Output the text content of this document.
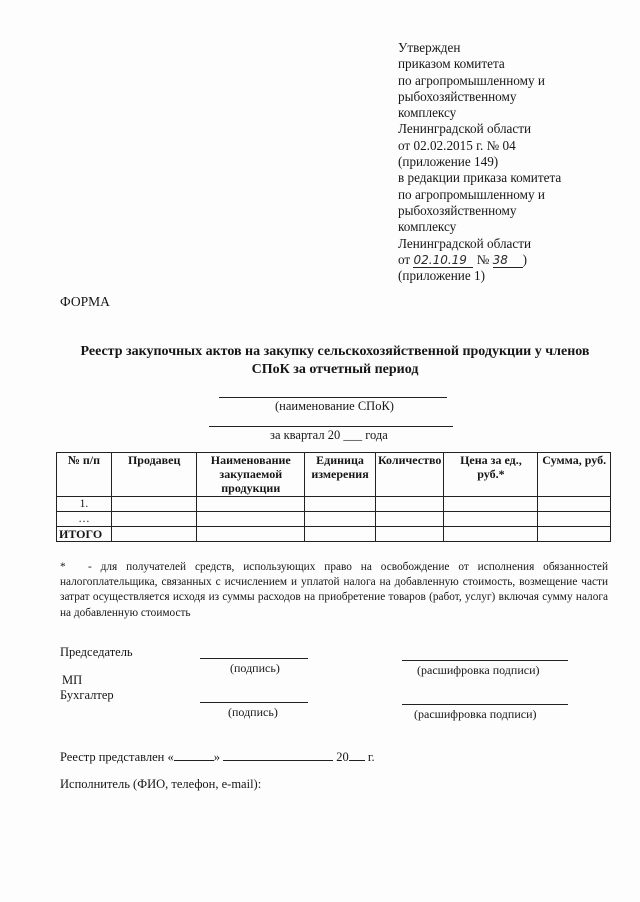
Утвержден
приказом комитета
по агропромышленному и
рыбохозяйственному
комплексу
Ленинградской области
от 02.02.2015 г. № 04
(приложение 149)
в редакции приказа комитета
по агропромышленному и
рыбохозяйственному
комплексу
Ленинградской области
от 02.10.19 № 38 )
(приложение 1)
ФОРМА
Реестр закупочных актов на закупку сельскохозяйственной продукции у членов СПоК за отчетный период
(наименование СПоК)
за квартал 20 ___ года
№ п/п	Продавец	Наименование закупаемой продукции	Единица измерения	Количество	Цена за ед., руб.*	Сумма, руб.
1.						
…						
ИТОГО						
* - для получателей средств, использующих право на освобождение от исполнения обязанностей налогоплательщика, связанных с исчислением и уплатой налога на добавленную стоимость, возмещение части затрат осуществляется исходя из суммы расходов на приобретение товаров (работ, услуг) включая сумму налога на добавленную стоимость
Председатель
(подпись)	(расшифровка подписи)
МП
Бухгалтер
(подпись)	(расшифровка подписи)
Реестр представлен «	»	20 г.
Исполнитель (ФИО, телефон, e-mail):
